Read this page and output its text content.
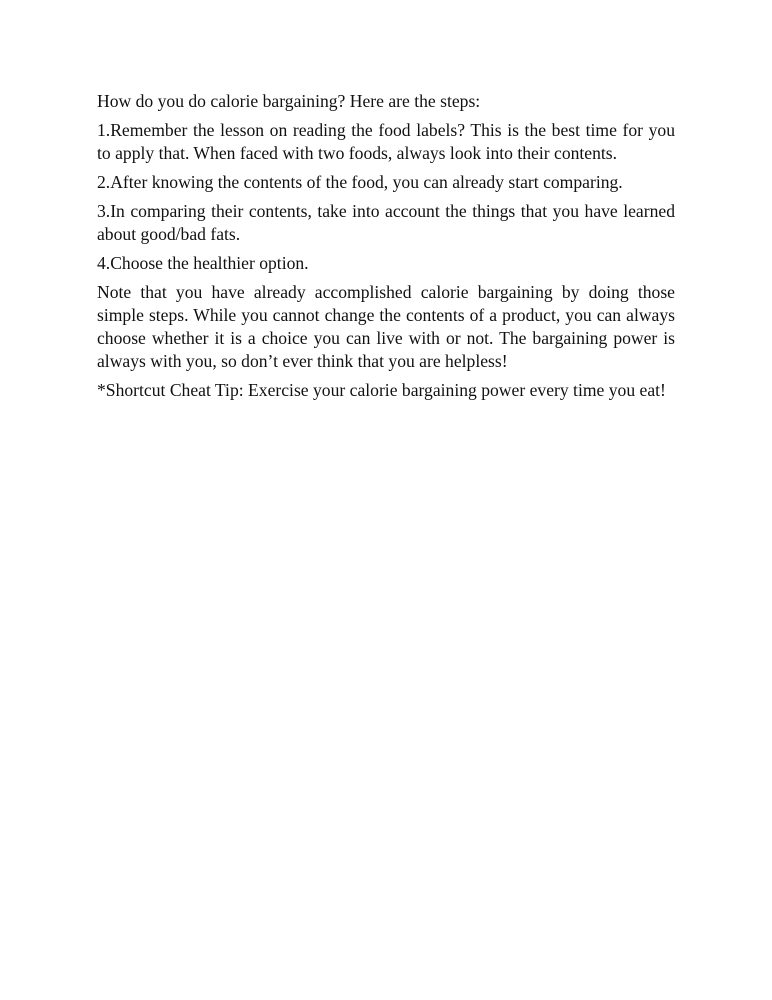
How do you do calorie bargaining? Here are the steps:

1.Remember the lesson on reading the food labels? This is the best time for you to apply that. When faced with two foods, always look into their contents.

2.After knowing the contents of the food, you can already start comparing.

3.In comparing their contents, take into account the things that you have learned about good/bad fats.

4.Choose the healthier option.

Note that you have already accomplished calorie bargaining by doing those simple steps. While you cannot change the contents of a product, you can always choose whether it is a choice you can live with or not. The bargaining power is always with you, so don’t ever think that you are helpless!

*Shortcut Cheat Tip: Exercise your calorie bargaining power every time you eat!
